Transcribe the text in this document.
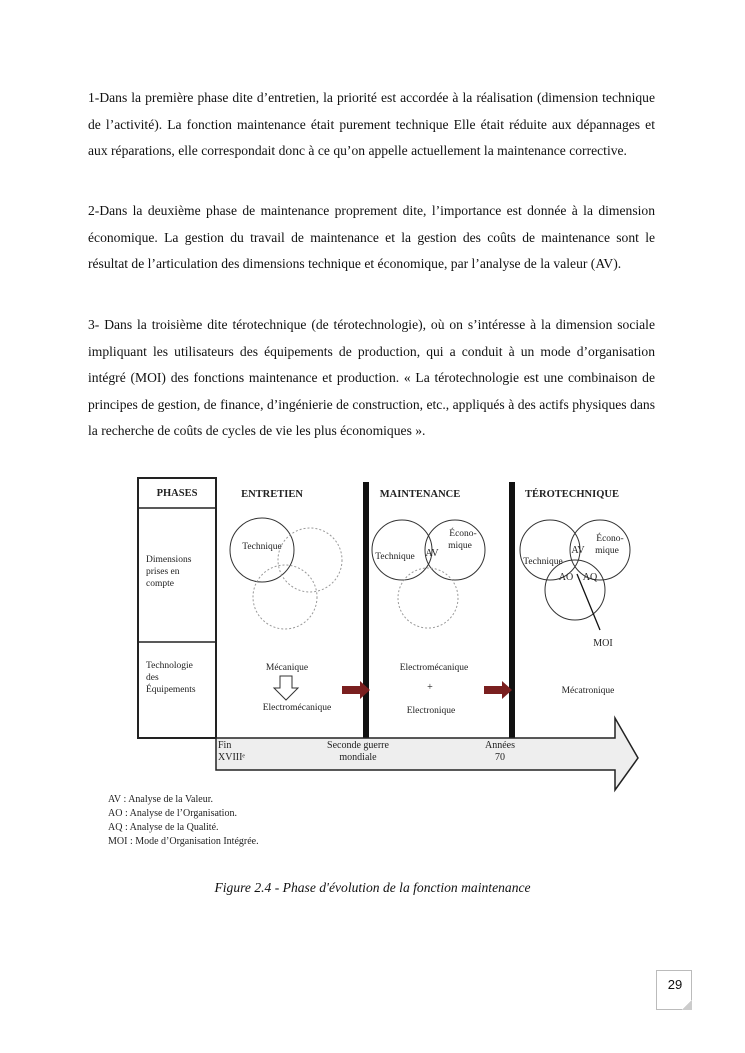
1-Dans la première phase dite d’entretien, la priorité est accordée à la réalisation (dimension technique de l’activité). La fonction maintenance était purement technique Elle était réduite aux dépannages et aux réparations, elle correspondait donc à ce qu’on appelle actuellement la maintenance corrective.

2-Dans la deuxième phase de maintenance proprement dite, l’importance est donnée à la dimension économique. La gestion du travail de maintenance et la gestion des coûts de maintenance sont le résultat de l’articulation des dimensions technique et économique, par l’analyse de la valeur (AV).

3- Dans la troisième dite térotechnique (de térotechnologie), où on s’intéresse à la dimension sociale impliquant les utilisateurs des équipements de production, qui a conduit à un mode d’organisation intégré (MOI) des fonctions maintenance et production. « La térotechnologie est une combinaison de principes de gestion, de finance, d’ingénierie de construction, etc., appliqués à des actifs physiques dans la recherche de coûts de cycles de vie les plus économiques ».

PHASES
Dimensions
prises en
compte
Technologie
des
Équipements
ENTRETIEN	MAINTENANCE	TÉROTECHNIQUE
Technique
Technique AV
Écono-
mique
Technique
AV
Écono-
mique
AO AQ
MOI
Mécanique
Electromécanique
Electromécanique
+
Electronique
Mécatronique
Fin
XVIIIᵉ
Seconde guerre
mondiale
Années
70
AV : Analyse de la Valeur.
AO : Analyse de l’Organisation.
AQ : Analyse de la Qualité.
MOI : Mode d’Organisation Intégrée.
Figure 2.4 - Phase d'évolution de la fonction maintenance
29
